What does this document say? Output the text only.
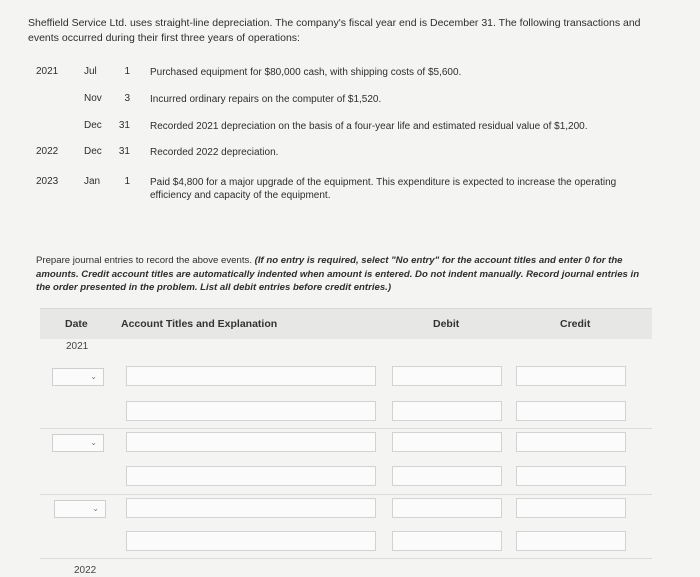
Sheffield Service Ltd. uses straight-line depreciation. The company's fiscal year end is December 31. The following transactions and events occurred during their first three years of operations:
2021	Jul	1 Purchased equipment for $80,000 cash, with shipping costs of $5,600.
Nov	3 Incurred ordinary repairs on the computer of $1,520.
Dec	31 Recorded 2021 depreciation on the basis of a four-year life and estimated residual value of $1,200.
2022	Dec	31 Recorded 2022 depreciation.
2023	Jan	1 Paid $4,800 for a major upgrade of the equipment. This expenditure is expected to increase the operating efficiency and capacity of the equipment.
Prepare journal entries to record the above events. (If no entry is required, select "No entry" for the account titles and enter 0 for the amounts. Credit account titles are automatically indented when amount is entered. Do not indent manually. Record journal entries in the order presented in the problem. List all debit entries before credit entries.)
Date	Account Titles and Explanation	Debit	Credit
2021
⌄
⌄
⌄
2022
